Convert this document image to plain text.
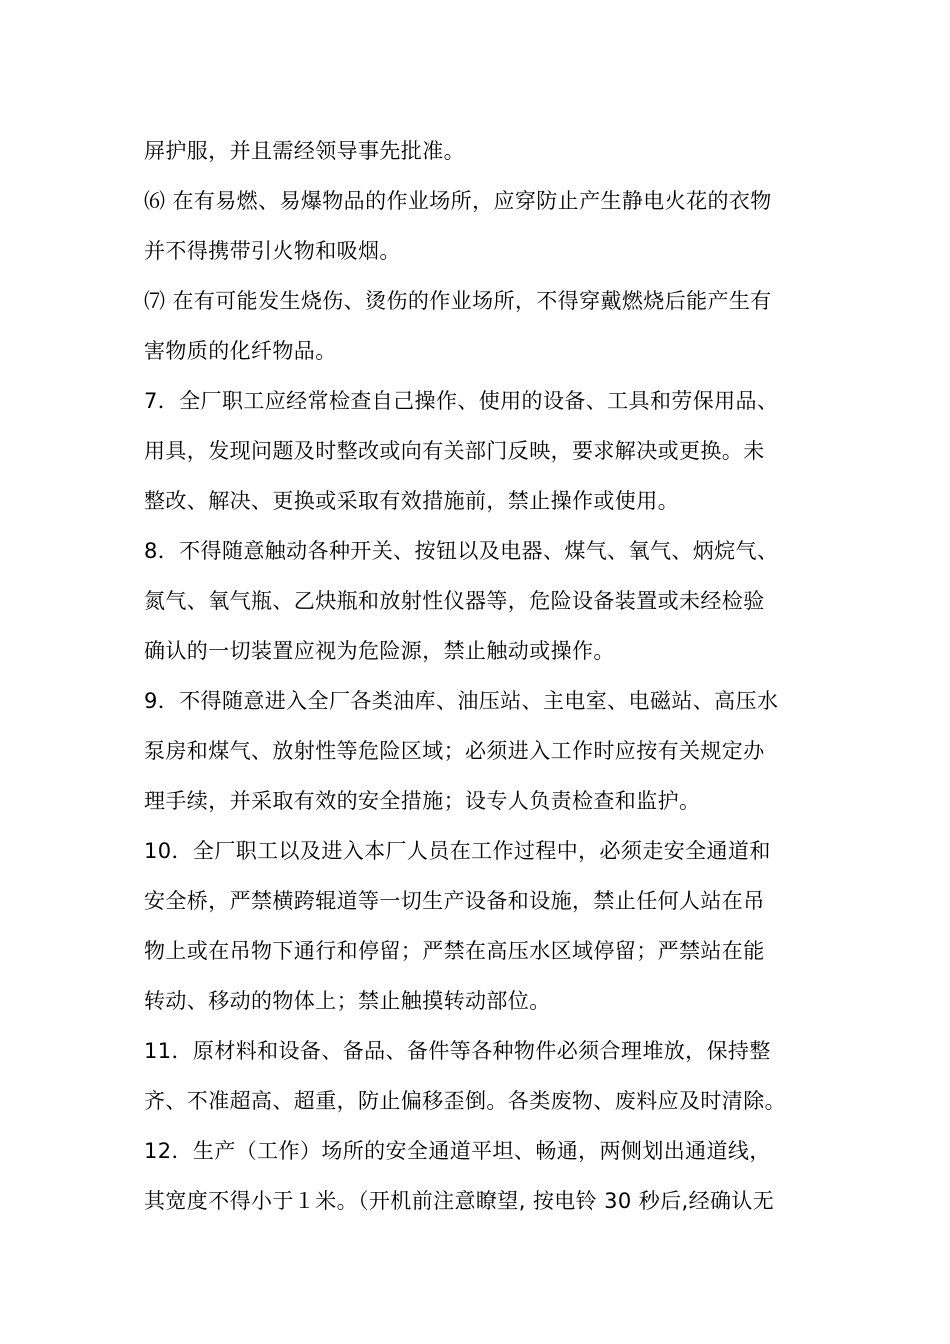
屏护服，并且需经领导事先批准。
⑹ 在有易燃、易爆物品的作业场所，应穿防止产生静电火花的衣物
并不得携带引火物和吸烟。
⑺ 在有可能发生烧伤、烫伤的作业场所，不得穿戴燃烧后能产生有
害物质的化纤物品。
7．全厂职工应经常检查自己操作、使用的设备、工具和劳保用品、
用具，发现问题及时整改或向有关部门反映，要求解决或更换。未
整改、解决、更换或采取有效措施前，禁止操作或使用。
8．不得随意触动各种开关、按钮以及电器、煤气、氧气、炳烷气、
氮气、氧气瓶、乙炔瓶和放射性仪器等，危险设备装置或未经检验
确认的一切装置应视为危险源，禁止触动或操作。
9．不得随意进入全厂各类油库、油压站、主电室、电磁站、高压水
泵房和煤气、放射性等危险区域；必须进入工作时应按有关规定办
理手续，并采取有效的安全措施；设专人负责检查和监护。
10．全厂职工以及进入本厂人员在工作过程中，必须走安全通道和
安全桥，严禁横跨辊道等一切生产设备和设施，禁止任何人站在吊
物上或在吊物下通行和停留；严禁在高压水区域停留；严禁站在能
转动、移动的物体上；禁止触摸转动部位。
11．原材料和设备、备品、备件等各种物件必须合理堆放，保持整
齐、不准超高、超重，防止偏移歪倒。各类废物、废料应及时清除。
12．生产（工作）场所的安全通道平坦、畅通，两侧划出通道线，
其宽度不得小于１米。（开机前注意瞭望, 按电铃 30 秒后,经确认无
